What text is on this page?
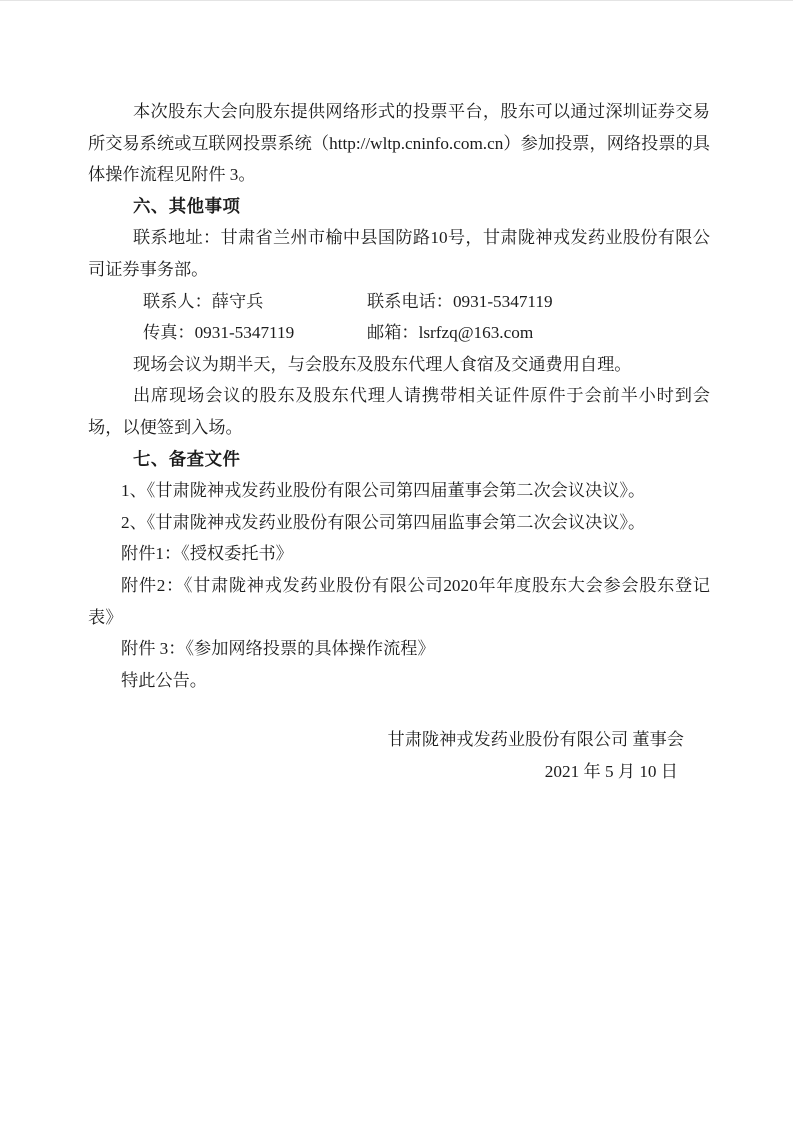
本次股东大会向股东提供网络形式的投票平台，股东可以通过深圳证券交易所交易系统或互联网投票系统（http://wltp.cninfo.com.cn）参加投票，网络投票的具体操作流程见附件 3。

六、其他事项

联系地址：甘肃省兰州市榆中县国防路10号，甘肃陇神戎发药业股份有限公司证券事务部。

联系人：薛守兵	联系电话：0931-5347119
传真：0931-5347119	邮箱：lsrfzq@163.com

现场会议为期半天，与会股东及股东代理人食宿及交通费用自理。

出席现场会议的股东及股东代理人请携带相关证件原件于会前半小时到会场，以便签到入场。

七、备查文件

1、《甘肃陇神戎发药业股份有限公司第四届董事会第二次会议决议》。

2、《甘肃陇神戎发药业股份有限公司第四届监事会第二次会议决议》。

附件1：《授权委托书》

附件2：《甘肃陇神戎发药业股份有限公司2020年年度股东大会参会股东登记表》

附件 3：《参加网络投票的具体操作流程》

特此公告。

甘肃陇神戎发药业股份有限公司 董事会

2021 年 5 月 10 日
